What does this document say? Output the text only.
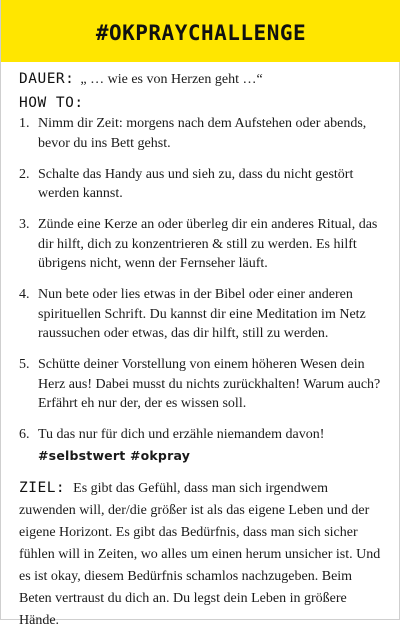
#OKPRAYCHALLENGE

DAUER: „ … wie es von Herzen geht …“

HOW TO:
1. Nimm dir Zeit: morgens nach dem Aufstehen oder abends, bevor du ins Bett gehst.
2. Schalte das Handy aus und sieh zu, dass du nicht gestört werden kannst.
3. Zünde eine Kerze an oder überleg dir ein anderes Ritual, das dir hilft, dich zu konzentrieren & still zu werden. Es hilft übrigens nicht, wenn der Fernseher läuft.
4. Nun bete oder lies etwas in der Bibel oder einer anderen spirituellen Schrift. Du kannst dir eine Meditation im Netz raussuchen oder etwas, das dir hilft, still zu werden.
5. Schütte deiner Vorstellung von einem höheren Wesen dein Herz aus! Dabei musst du nichts zurückhalten! Warum auch? Erfährt eh nur der, der es wissen soll.
6. Tu das nur für dich und erzähle niemandem davon!
#selbstwert #okpray

ZIEL: Es gibt das Gefühl, dass man sich irgendwem zuwenden will, der/die größer ist als das eigene Leben und der eigene Horizont. Es gibt das Bedürfnis, dass man sich sicher fühlen will in Zeiten, wo alles um einen herum unsicher ist. Und es ist okay, diesem Bedürfnis schamlos nachzugeben. Beim Beten vertraust du dich an. Du legst dein Leben in größere Hände.
